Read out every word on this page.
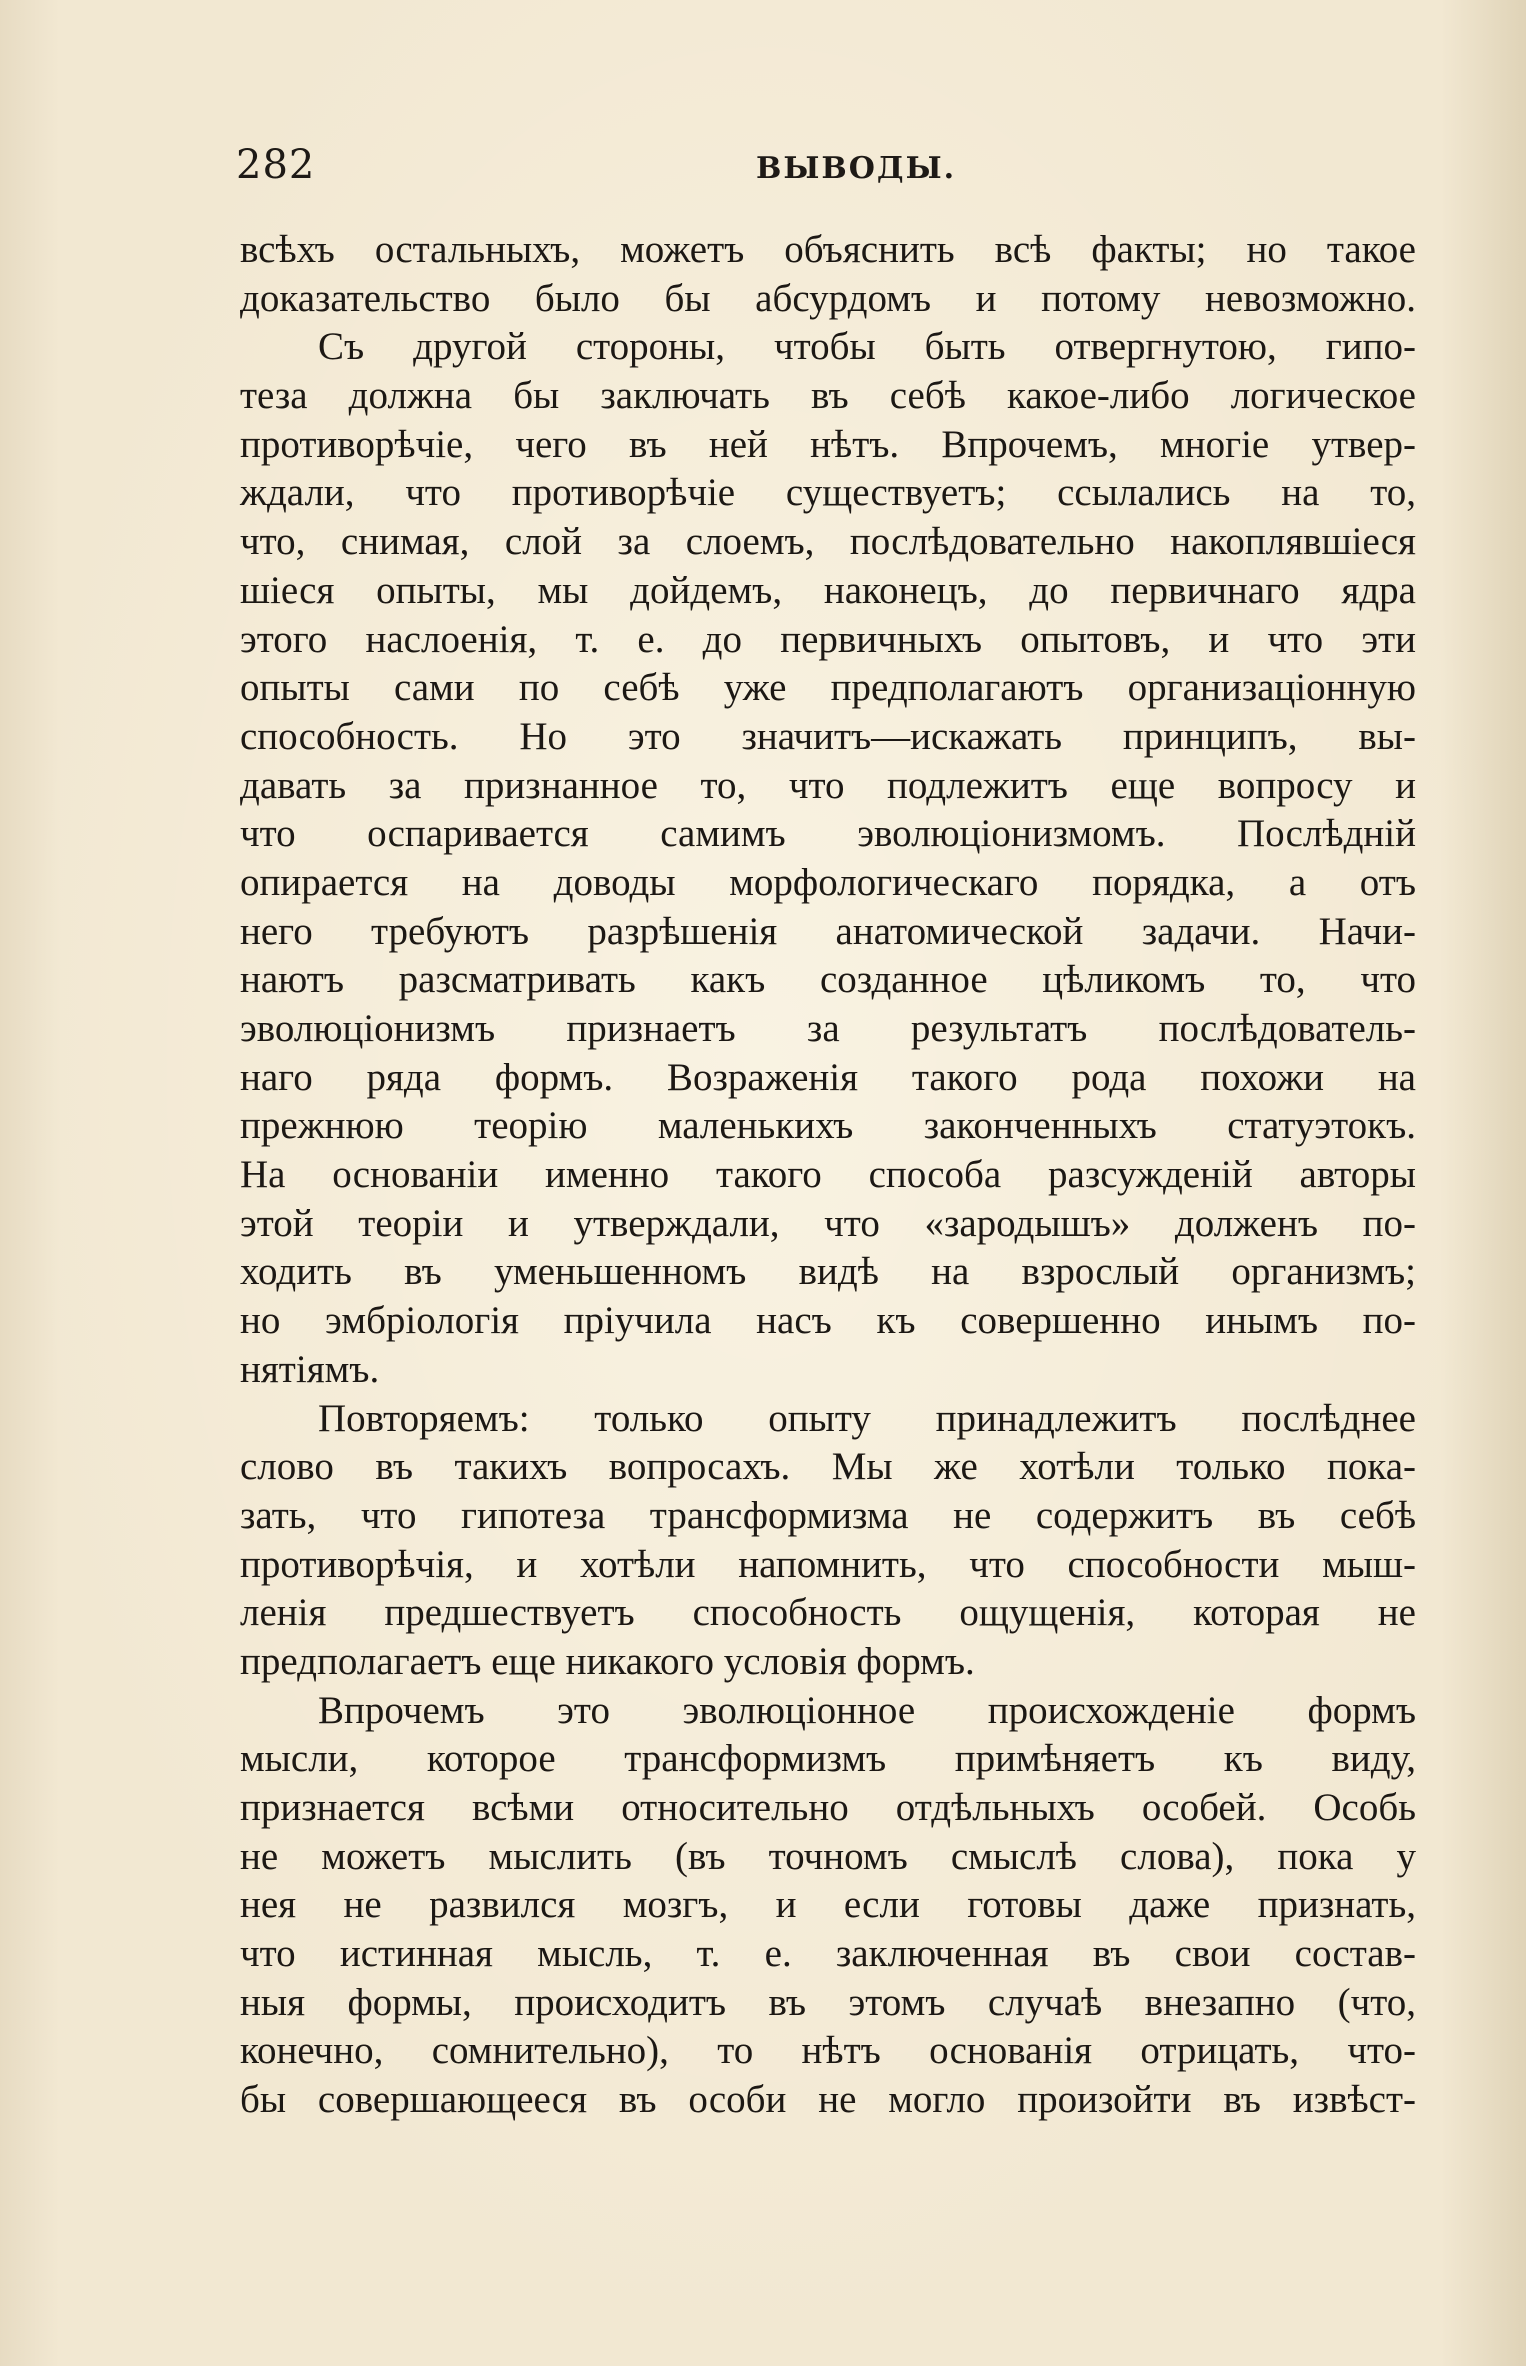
282	ВЫВОДЫ.
всѣхъ остальныхъ, можетъ объяснить всѣ факты; но такое
доказательство было бы абсурдомъ и потому невозможно.
Съ другой стороны, чтобы быть отвергнутою, гипо-
теза должна бы заключать въ себѣ какое-либо логическое
противорѣчіе, чего въ ней нѣтъ. Впрочемъ, многіе утвер-
ждали, что противорѣчіе существуетъ; ссылались на то,
что, снимая, слой за слоемъ, послѣдовательно накоплявшіеся
шіеся опыты, мы дойдемъ, наконецъ, до первичнаго ядра
этого наслоенія, т. е. до первичныхъ опытовъ, и что эти
опыты сами по себѣ уже предполагаютъ организаціонную
способность. Но это значитъ—искажать принципъ, вы-
давать за признанное то, что подлежитъ еще вопросу и
что оспаривается самимъ эволюціонизмомъ. Послѣдній
опирается на доводы морфологическаго порядка, а отъ
него требуютъ разрѣшенія анатомической задачи. Начи-
наютъ разсматривать какъ созданное цѣликомъ то, что
эволюціонизмъ признаетъ за результатъ послѣдователь-
наго ряда формъ. Возраженія такого рода похожи на
прежнюю теорію маленькихъ законченныхъ статуэтокъ.
На основаніи именно такого способа разсужденій авторы
этой теоріи и утверждали, что «зародышъ» долженъ по-
ходить въ уменьшенномъ видѣ на взрослый организмъ;
но эмбріологія пріучила насъ къ совершенно инымъ по-
нятіямъ.
Повторяемъ: только опыту принадлежитъ послѣднее
слово въ такихъ вопросахъ. Мы же хотѣли только пока-
зать, что гипотеза трансформизма не содержитъ въ себѣ
противорѣчія, и хотѣли напомнить, что способности мыш-
ленія предшествуетъ способность ощущенія, которая не
предполагаетъ еще никакого условія формъ.
Впрочемъ это эволюціонное происхожденіе формъ
мысли, которое трансформизмъ примѣняетъ къ виду,
признается всѣми относительно отдѣльныхъ особей. Особь
не можетъ мыслить (въ точномъ смыслѣ слова), пока у
нея не развился мозгъ, и если готовы даже признать,
что истинная мысль, т. е. заключенная въ свои состав-
ныя формы, происходитъ въ этомъ случаѣ внезапно (что,
конечно, сомнительно), то нѣтъ основанія отрицать, что-
бы совершающееся въ особи не могло произойти въ извѣст-
